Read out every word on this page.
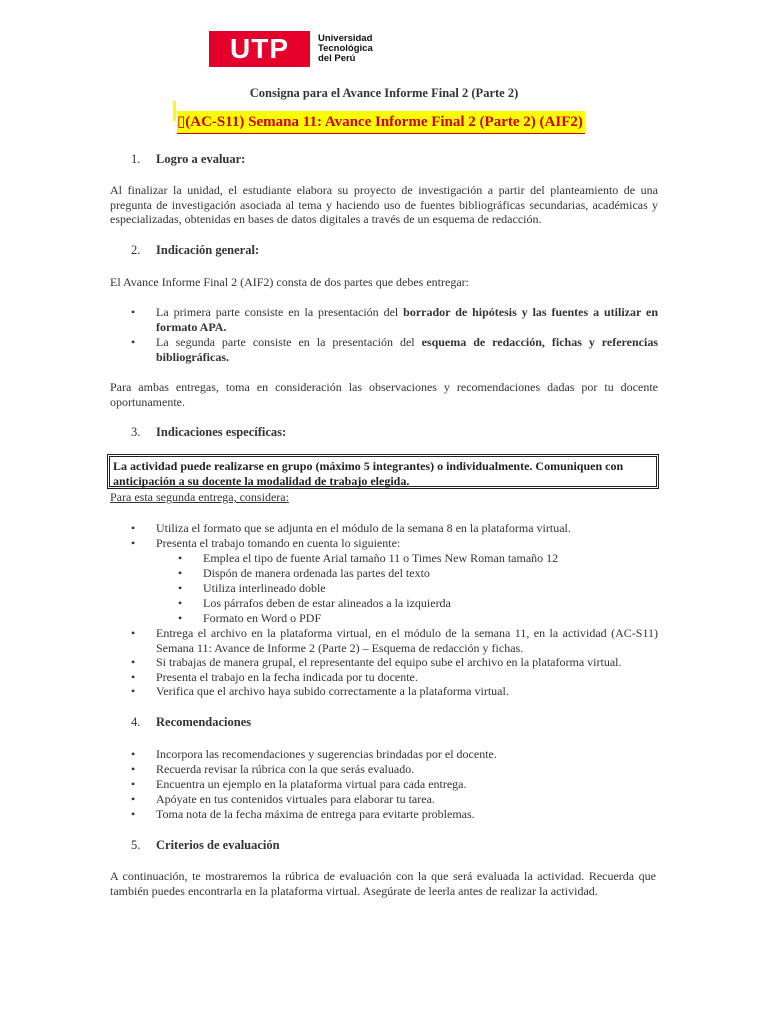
UTP	Universidad
Tecnológica
del Perú
Consigna para el Avance Informe Final 2 (Parte 2)
▯(AC-S11) Semana 11: Avance Informe Final 2 (Parte 2) (AIF2)
1. Logro a evaluar:
Al finalizar la unidad, el estudiante elabora su proyecto de investigación a partir del planteamiento de una pregunta de investigación asociada al tema y haciendo uso de fuentes bibliográficas secundarias, académicas y especializadas, obtenidas en bases de datos digitales a través de un esquema de redacción.
2. Indicación general:
El Avance Informe Final 2 (AIF2) consta de dos partes que debes entregar:
• La primera parte consiste en la presentación del borrador de hipótesis y las fuentes a utilizar en formato APA.
• La segunda parte consiste en la presentación del esquema de redacción, fichas y referencias bibliográficas.
Para ambas entregas, toma en consideración las observaciones y recomendaciones dadas por tu docente oportunamente.
3. Indicaciones específicas:
La actividad puede realizarse en grupo (máximo 5 integrantes) o individualmente. Comuniquen con anticipación a su docente la modalidad de trabajo elegida.
Para esta segunda entrega, considera:
• Utiliza el formato que se adjunta en el módulo de la semana 8 en la plataforma virtual.
• Presenta el trabajo tomando en cuenta lo siguiente:
• Emplea el tipo de fuente Arial tamaño 11 o Times New Roman tamaño 12
• Dispón de manera ordenada las partes del texto
• Utiliza interlineado doble
• Los párrafos deben de estar alineados a la izquierda
• Formato en Word o PDF
• Entrega el archivo en la plataforma virtual, en el módulo de la semana 11, en la actividad (AC-S11) Semana 11: Avance de Informe 2 (Parte 2) – Esquema de redacción y fichas.
• Si trabajas de manera grupal, el representante del equipo sube el archivo en la plataforma virtual.
• Presenta el trabajo en la fecha indicada por tu docente.
• Verifica que el archivo haya subido correctamente a la plataforma virtual.
4. Recomendaciones
• Incorpora las recomendaciones y sugerencias brindadas por el docente.
• Recuerda revisar la rúbrica con la que serás evaluado.
• Encuentra un ejemplo en la plataforma virtual para cada entrega.
• Apóyate en tus contenidos virtuales para elaborar tu tarea.
• Toma nota de la fecha máxima de entrega para evitarte problemas.
5. Criterios de evaluación
A continuación, te mostraremos la rúbrica de evaluación con la que será evaluada la actividad. Recuerda que también puedes encontrarla en la plataforma virtual. Asegúrate de leerla antes de realizar la actividad.
